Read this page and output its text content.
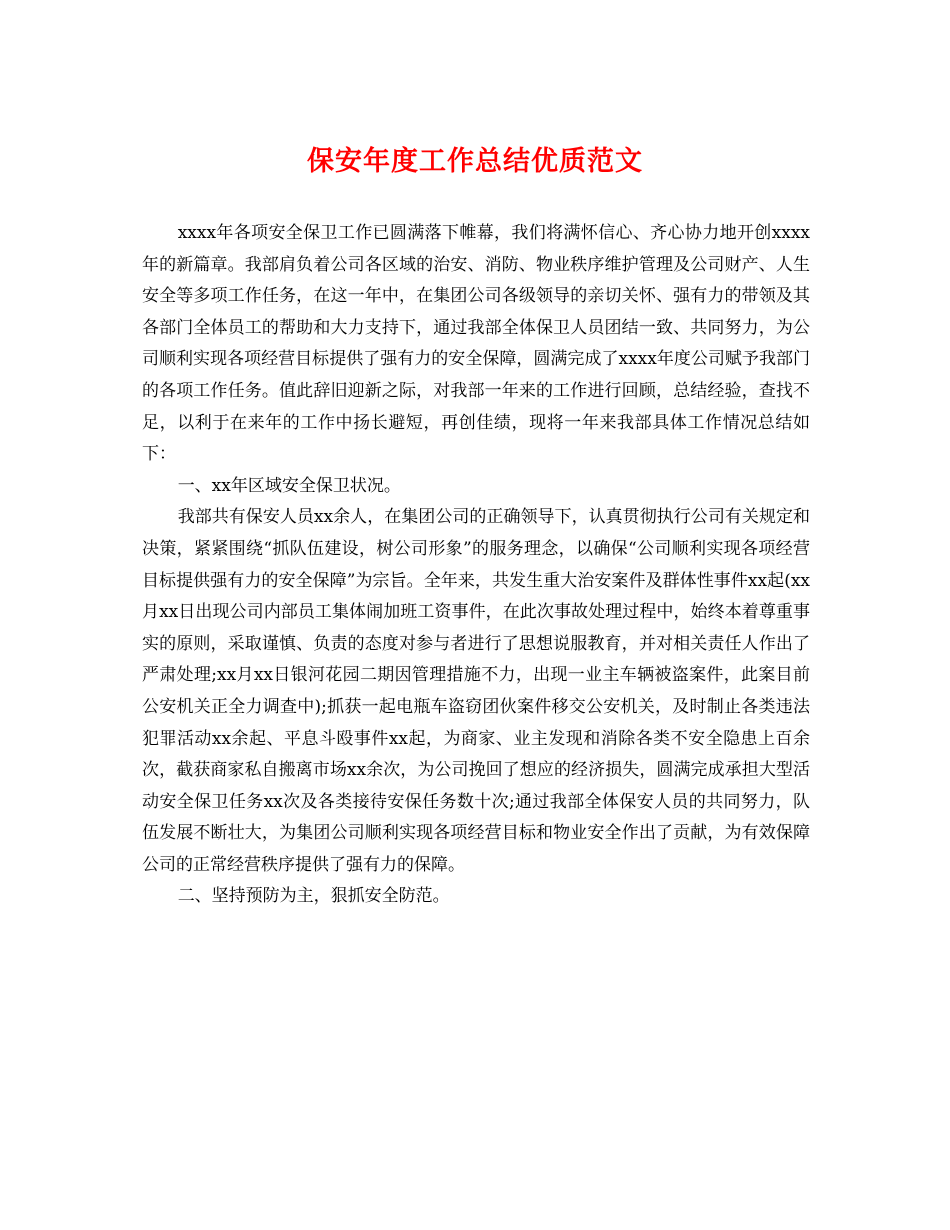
保安年度工作总结优质范文

xxxx年各项安全保卫工作已圆满落下帷幕，我们将满怀信心、齐心协力地开创xxxx年的新篇章。我部肩负着公司各区域的治安、消防、物业秩序维护管理及公司财产、人生安全等多项工作任务，在这一年中，在集团公司各级领导的亲切关怀、强有力的带领及其各部门全体员工的帮助和大力支持下，通过我部全体保卫人员团结一致、共同努力，为公司顺利实现各项经营目标提供了强有力的安全保障，圆满完成了xxxx年度公司赋予我部门的各项工作任务。值此辞旧迎新之际，对我部一年来的工作进行回顾，总结经验，查找不足，以利于在来年的工作中扬长避短，再创佳绩，现将一年来我部具体工作情况总结如下：

一、xx年区域安全保卫状况。

我部共有保安人员xx余人，在集团公司的正确领导下，认真贯彻执行公司有关规定和决策，紧紧围绕“抓队伍建设，树公司形象”的服务理念，以确保“公司顺利实现各项经营目标提供强有力的安全保障”为宗旨。全年来，共发生重大治安案件及群体性事件xx起(xx月xx日出现公司内部员工集体闹加班工资事件，在此次事故处理过程中，始终本着尊重事实的原则，采取谨慎、负责的态度对参与者进行了思想说服教育，并对相关责任人作出了严肃处理;xx月xx日银河花园二期因管理措施不力，出现一业主车辆被盗案件，此案目前公安机关正全力调查中);抓获一起电瓶车盗窃团伙案件移交公安机关，及时制止各类违法犯罪活动xx余起、平息斗殴事件xx起，为商家、业主发现和消除各类不安全隐患上百余次，截获商家私自搬离市场xx余次，为公司挽回了想应的经济损失，圆满完成承担大型活动安全保卫任务xx次及各类接待安保任务数十次;通过我部全体保安人员的共同努力，队伍发展不断壮大，为集团公司顺利实现各项经营目标和物业安全作出了贡献，为有效保障公司的正常经营秩序提供了强有力的保障。

二、坚持预防为主，狠抓安全防范。
